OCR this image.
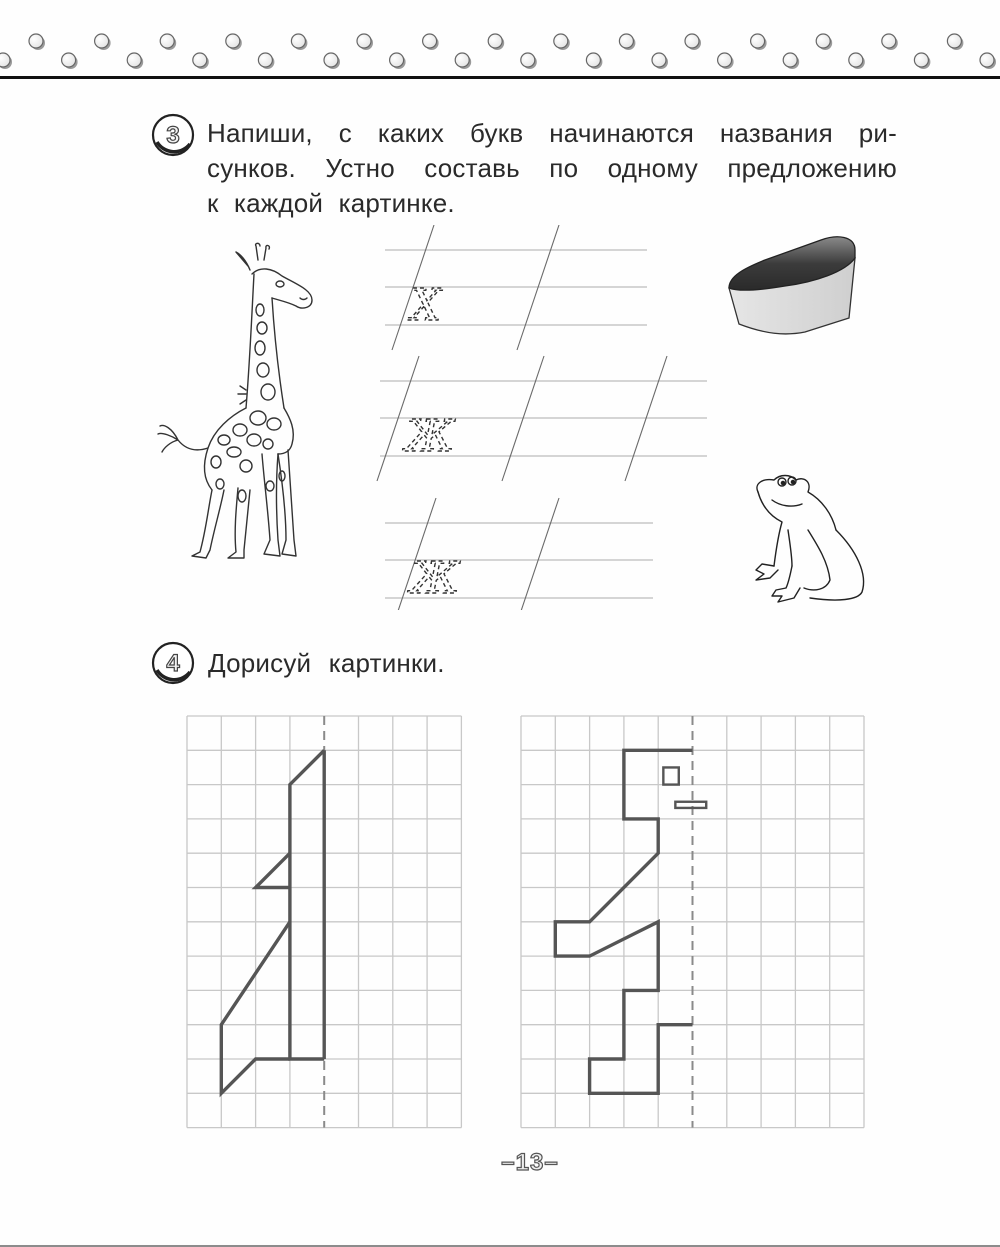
3 Напиши, с каких букв начинаются названия ри-
сунков. Устно составь по одному предложению
к каждой картинке.
Х
Ж
Ж
4 Дорисуй картинки.
–13–
